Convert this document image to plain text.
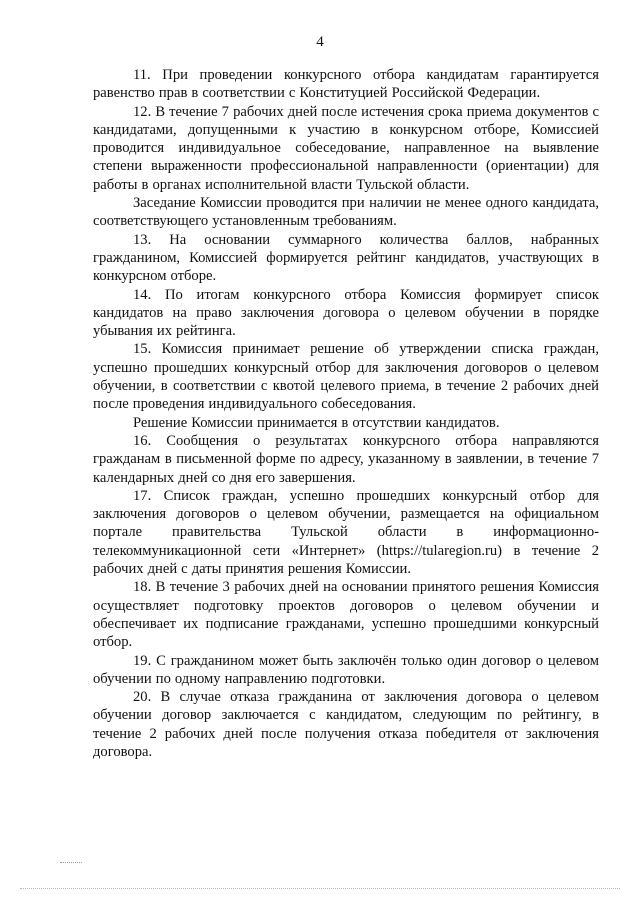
4

11. При проведении конкурсного отбора кандидатам гарантируется равенство прав в соответствии с Конституцией Российской Федерации.

12. В течение 7 рабочих дней после истечения срока приема документов с кандидатами, допущенными к участию в конкурсном отборе, Комиссией проводится индивидуальное собеседование, направленное на выявление степени выраженности профессиональной направленности (ориентации) для работы в органах исполнительной власти Тульской области.

Заседание Комиссии проводится при наличии не менее одного кандидата, соответствующего установленным требованиям.

13. На основании суммарного количества баллов, набранных гражданином, Комиссией формируется рейтинг кандидатов, участвующих в конкурсном отборе.

14. По итогам конкурсного отбора Комиссия формирует список кандидатов на право заключения договора о целевом обучении в порядке убывания их рейтинга.

15. Комиссия принимает решение об утверждении списка граждан, успешно прошедших конкурсный отбор для заключения договоров о целевом обучении, в соответствии с квотой целевого приема, в течение 2 рабочих дней после проведения индивидуального собеседования.

Решение Комиссии принимается в отсутствии кандидатов.

16. Сообщения о результатах конкурсного отбора направляются гражданам в письменной форме по адресу, указанному в заявлении, в течение 7 календарных дней со дня его завершения.

17. Список граждан, успешно прошедших конкурсный отбор для заключения договоров о целевом обучении, размещается на официальном портале правительства Тульской области в информационно-телекоммуникационной сети «Интернет» (https://tularegion.ru) в течение 2 рабочих дней с даты принятия решения Комиссии.

18. В течение 3 рабочих дней на основании принятого решения Комиссия осуществляет подготовку проектов договоров о целевом обучении и обеспечивает их подписание гражданами, успешно прошедшими конкурсный отбор.

19. С гражданином может быть заключён только один договор о целевом обучении по одному направлению подготовки.

20. В случае отказа гражданина от заключения договора о целевом обучении договор заключается с кандидатом, следующим по рейтингу, в течение 2 рабочих дней после получения отказа победителя от заключения договора.
